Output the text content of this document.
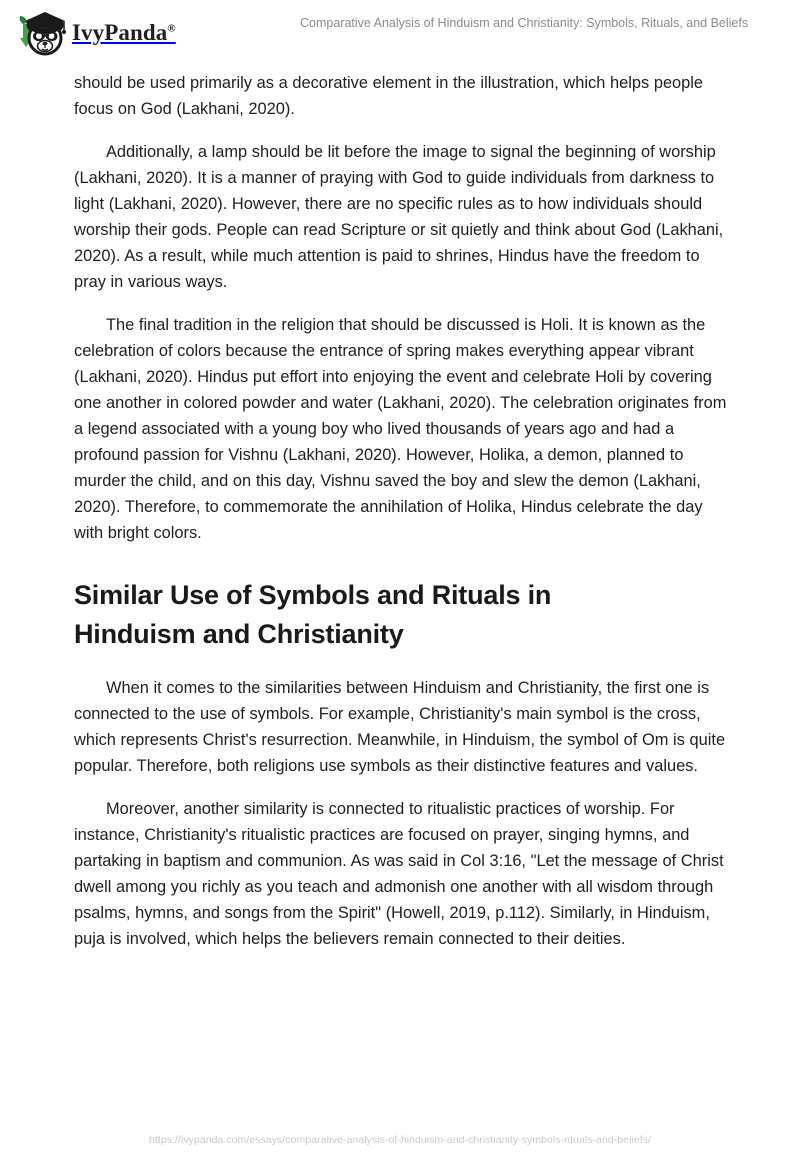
IvyPanda®	Comparative Analysis of Hinduism and Christianity: Symbols, Rituals, and Beliefs

should be used primarily as a decorative element in the illustration, which helps people focus on God (Lakhani, 2020).

Additionally, a lamp should be lit before the image to signal the beginning of worship (Lakhani, 2020). It is a manner of praying with God to guide individuals from darkness to light (Lakhani, 2020). However, there are no specific rules as to how individuals should worship their gods. People can read Scripture or sit quietly and think about God (Lakhani, 2020). As a result, while much attention is paid to shrines, Hindus have the freedom to pray in various ways.

The final tradition in the religion that should be discussed is Holi. It is known as the celebration of colors because the entrance of spring makes everything appear vibrant (Lakhani, 2020). Hindus put effort into enjoying the event and celebrate Holi by covering one another in colored powder and water (Lakhani, 2020). The celebration originates from a legend associated with a young boy who lived thousands of years ago and had a profound passion for Vishnu (Lakhani, 2020). However, Holika, a demon, planned to murder the child, and on this day, Vishnu saved the boy and slew the demon (Lakhani, 2020). Therefore, to commemorate the annihilation of Holika, Hindus celebrate the day with bright colors.

Similar Use of Symbols and Rituals in Hinduism and Christianity

When it comes to the similarities between Hinduism and Christianity, the first one is connected to the use of symbols. For example, Christianity's main symbol is the cross, which represents Christ's resurrection. Meanwhile, in Hinduism, the symbol of Om is quite popular. Therefore, both religions use symbols as their distinctive features and values.

Moreover, another similarity is connected to ritualistic practices of worship. For instance, Christianity's ritualistic practices are focused on prayer, singing hymns, and partaking in baptism and communion. As was said in Col 3:16, "Let the message of Christ dwell among you richly as you teach and admonish one another with all wisdom through psalms, hymns, and songs from the Spirit" (Howell, 2019, p.112). Similarly, in Hinduism, puja is involved, which helps the believers remain connected to their deities.

https://ivypanda.com/essays/comparative-analysis-of-hinduism-and-christianity-symbols-rituals-and-beliefs/
